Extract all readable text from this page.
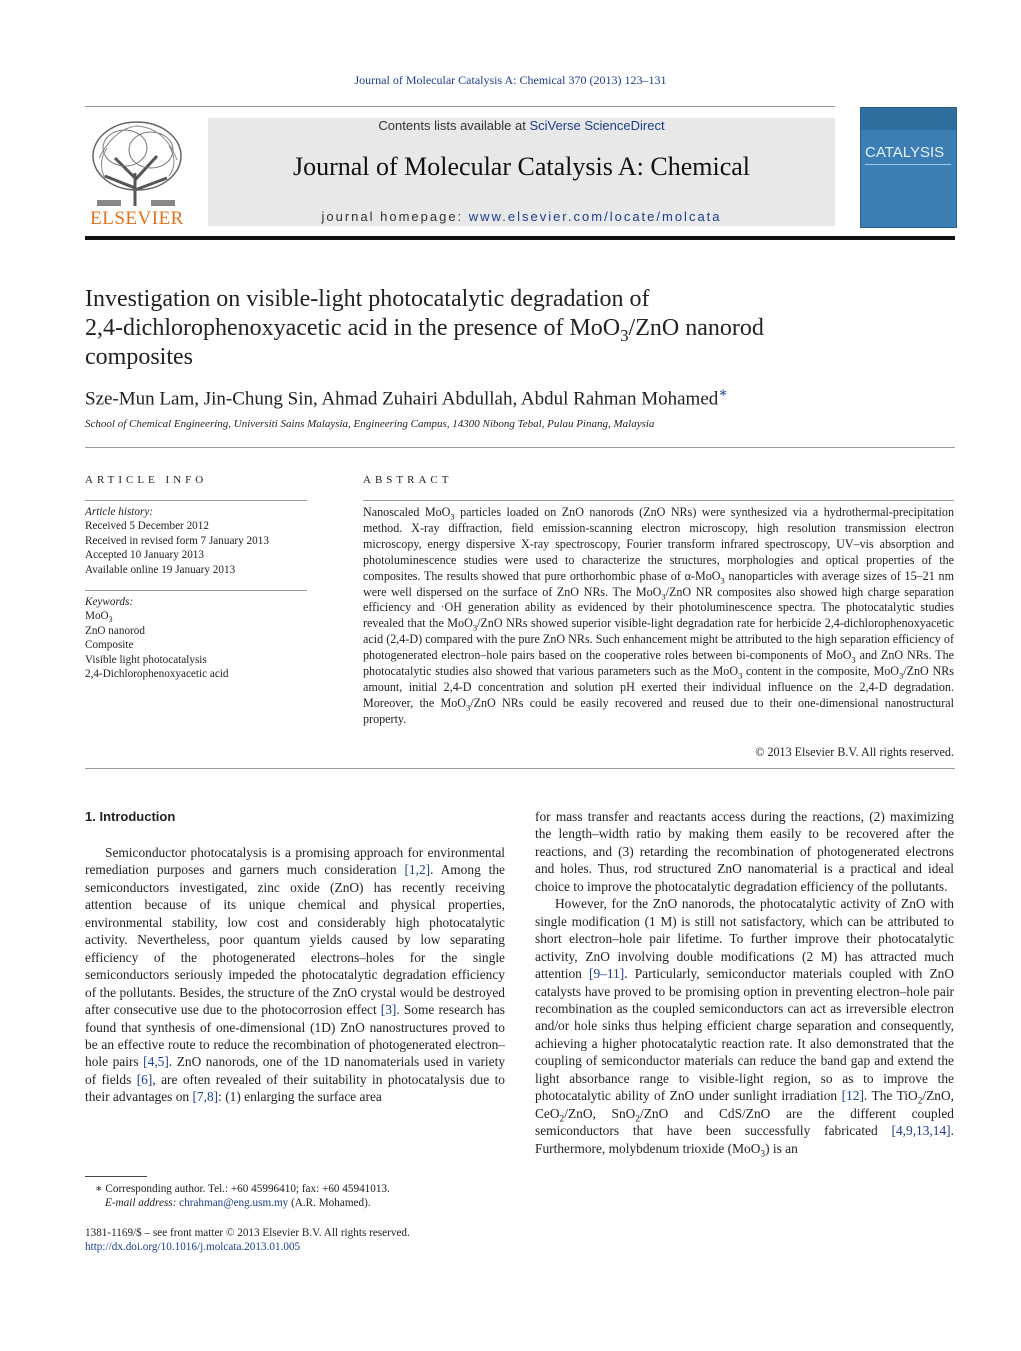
Journal of Molecular Catalysis A: Chemical 370 (2013) 123–131
ELSEVIER
Contents lists available at SciVerse ScienceDirect
Journal of Molecular Catalysis A: Chemical
journal homepage: www.elsevier.com/locate/molcata
CATALYSIS
Investigation on visible-light photocatalytic degradation of
2,4-dichlorophenoxyacetic acid in the presence of MoO$_3$/ZnO nanorod
composites
Sze-Mun Lam, Jin-Chung Sin, Ahmad Zuhairi Abdullah, Abdul Rahman Mohamed∗
School of Chemical Engineering, Universiti Sains Malaysia, Engineering Campus, 14300 Nibong Tebal, Pulau Pinang, Malaysia
ARTICLE INFO
Article history:
Received 5 December 2012
Received in revised form 7 January 2013
Accepted 10 January 2013
Available online 19 January 2013
Keywords:
MoO$_3$
ZnO nanorod
Composite
Visible light photocatalysis
2,4-Dichlorophenoxyacetic acid
ABSTRACT
Nanoscaled MoO$_3$ particles loaded on ZnO nanorods (ZnO NRs) were synthesized via a hydrothermal-precipitation method. X-ray diffraction, field emission-scanning electron microscopy, high resolution transmission electron microscopy, energy dispersive X-ray spectroscopy, Fourier transform infrared spectroscopy, UV–vis absorption and photoluminescence studies were used to characterize the structures, morphologies and optical properties of the composites. The results showed that pure orthorhombic phase of α-MoO$_3$ nanoparticles with average sizes of 15–21 nm were well dispersed on the surface of ZnO NRs. The MoO$_3$/ZnO NR composites also showed high charge separation efficiency and ·OH generation ability as evidenced by their photoluminescence spectra. The photocatalytic studies revealed that the MoO$_3$/ZnO NRs showed superior visible-light degradation rate for herbicide 2,4-dichlorophenoxyacetic acid (2,4-D) compared with the pure ZnO NRs. Such enhancement might be attributed to the high separation efficiency of photogenerated electron–hole pairs based on the cooperative roles between bi-components of MoO$_3$ and ZnO NRs. The photocatalytic studies also showed that various parameters such as the MoO$_3$ content in the composite, MoO$_3$/ZnO NRs amount, initial 2,4-D concentration and solution pH exerted their individual influence on the 2,4-D degradation. Moreover, the MoO$_3$/ZnO NRs could be easily recovered and reused due to their one-dimensional nanostructural property.
© 2013 Elsevier B.V. All rights reserved.
1. Introduction

Semiconductor photocatalysis is a promising approach for environmental remediation purposes and garners much consideration [1,2]. Among the semiconductors investigated, zinc oxide (ZnO) has recently receiving attention because of its unique chemical and physical properties, environmental stability, low cost and considerably high photocatalytic activity. Nevertheless, poor quantum yields caused by low separating efficiency of the photogenerated electrons–holes for the single semiconductors seriously impeded the photocatalytic degradation efficiency of the pollutants. Besides, the structure of the ZnO crystal would be destroyed after consecutive use due to the photocorrosion effect [3]. Some research has found that synthesis of one-dimensional (1D) ZnO nanostructures proved to be an effective route to reduce the recombination of photogenerated electron–hole pairs [4,5]. ZnO nanorods, one of the 1D nanomaterials used in variety of fields [6], are often revealed of their suitability in photocatalysis due to their advantages on [7,8]: (1) enlarging the surface area

for mass transfer and reactants access during the reactions, (2) maximizing the length–width ratio by making them easily to be recovered after the reactions, and (3) retarding the recombination of photogenerated electrons and holes. Thus, rod structured ZnO nanomaterial is a practical and ideal choice to improve the photocatalytic degradation efficiency of the pollutants.

However, for the ZnO nanorods, the photocatalytic activity of ZnO with single modification (1 M) is still not satisfactory, which can be attributed to short electron–hole pair lifetime. To further improve their photocatalytic activity, ZnO involving double modifications (2 M) has attracted much attention [9–11]. Particularly, semiconductor materials coupled with ZnO catalysts have proved to be promising option in preventing electron–hole pair recombination as the coupled semiconductors can act as irreversible electron and/or hole sinks thus helping efficient charge separation and consequently, achieving a higher photocatalytic reaction rate. It also demonstrated that the coupling of semiconductor materials can reduce the band gap and extend the light absorbance range to visible-light region, so as to improve the photocatalytic ability of ZnO under sunlight irradiation [12]. The TiO$_2$/ZnO, CeO$_2$/ZnO, SnO$_2$/ZnO and CdS/ZnO are the different coupled semiconductors that have been successfully fabricated [4,9,13,14]. Furthermore, molybdenum trioxide (MoO$_3$) is an

∗ Corresponding author. Tel.: +60 45996410; fax: +60 45941013.
E-mail address: chrahman@eng.usm.my (A.R. Mohamed).
1381-1169/$ – see front matter © 2013 Elsevier B.V. All rights reserved.
http://dx.doi.org/10.1016/j.molcata.2013.01.005
